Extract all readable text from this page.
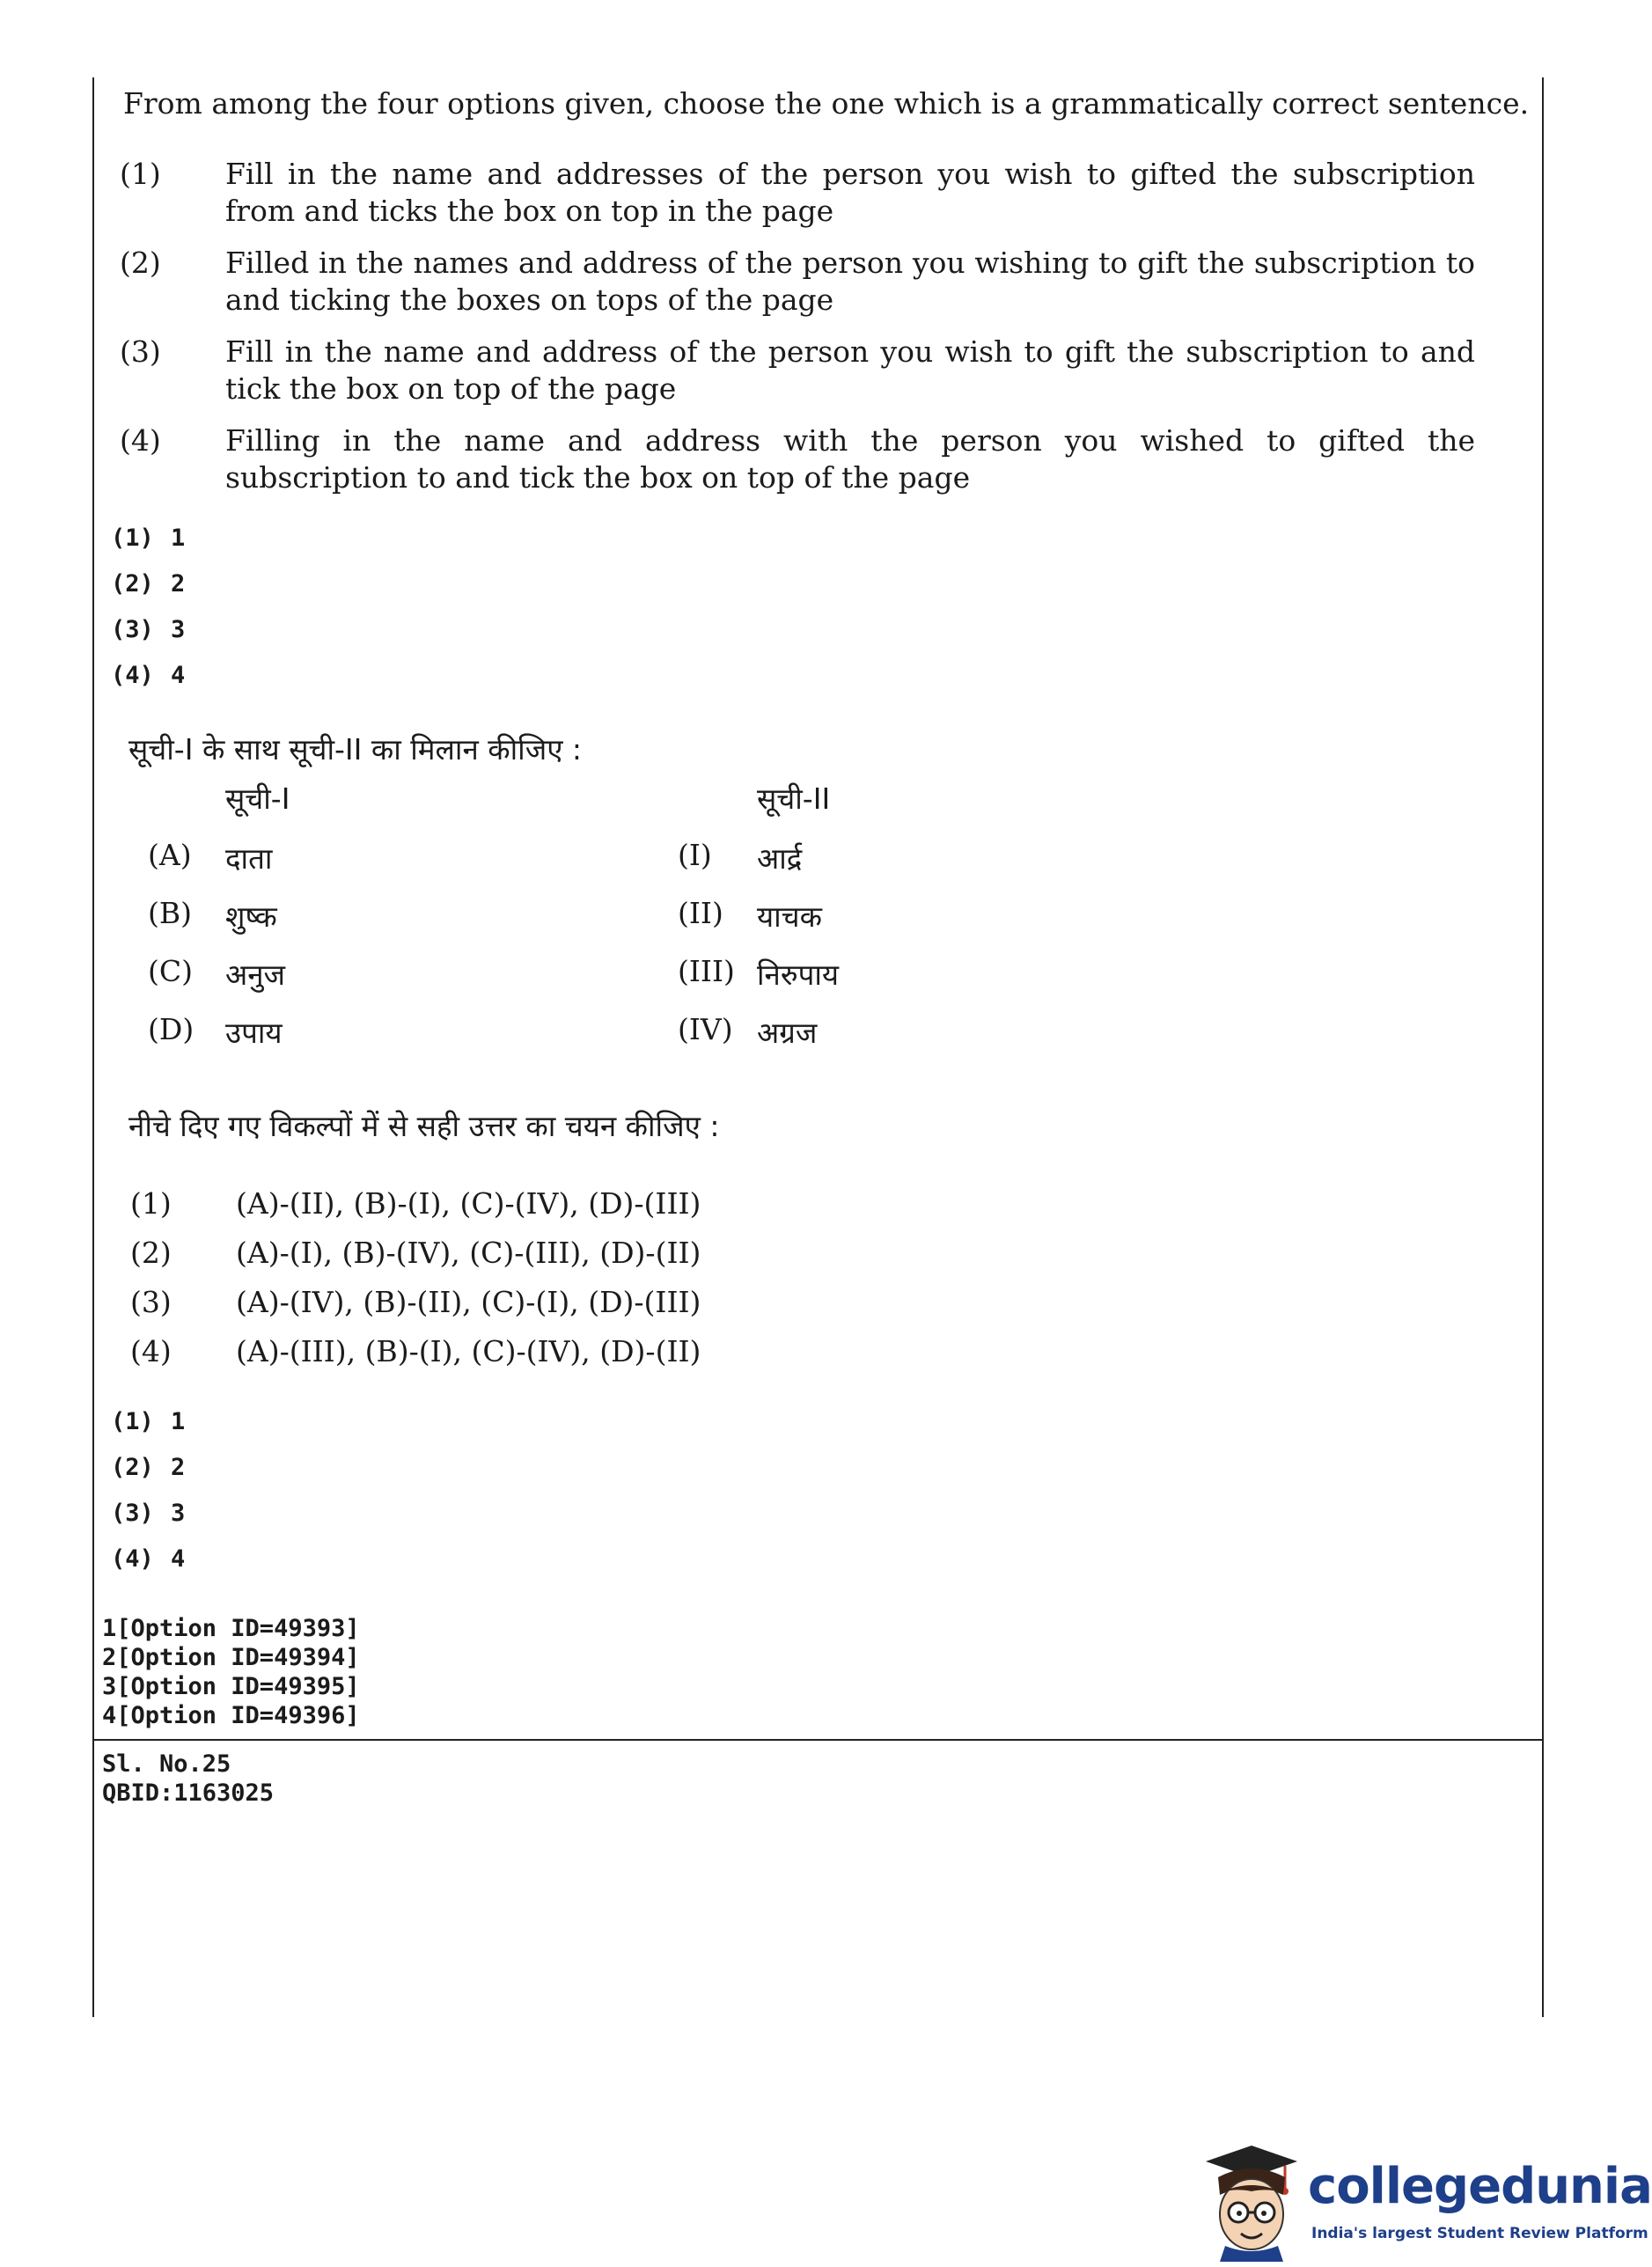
From among the four options given, choose the one which is a grammatically correct sentence.
(1) Fill in the name and addresses of the person you wish to gifted the subscription from and ticks the box on top in the page
(2) Filled in the names and address of the person you wishing to gift the subscription to and ticking the boxes on tops of the page
(3) Fill in the name and address of the person you wish to gift the subscription to and tick the box on top of the page
(4) Filling in the name and address with the person you wished to gifted the subscription to and tick the box on top of the page
(1) 1
(2) 2
(3) 3
(4) 4
सूची-I के साथ सूची-II का मिलान कीजिए :
सूची-I	सूची-II
(A) दाता	(I) आर्द्र
(B) शुष्क	(II) याचक
(C) अनुज	(III) निरुपाय
(D) उपाय	(IV) अग्रज
नीचे दिए गए विकल्पों में से सही उत्तर का चयन कीजिए :
(1) (A)-(II), (B)-(I), (C)-(IV), (D)-(III)
(2) (A)-(I), (B)-(IV), (C)-(III), (D)-(II)
(3) (A)-(IV), (B)-(II), (C)-(I), (D)-(III)
(4) (A)-(III), (B)-(I), (C)-(IV), (D)-(II)
(1) 1
(2) 2
(3) 3
(4) 4
1[Option ID=49393]
2[Option ID=49394]
3[Option ID=49395]
4[Option ID=49396]
Sl. No.25
QBID:1163025
collegedunia
India's largest Student Review Platform
